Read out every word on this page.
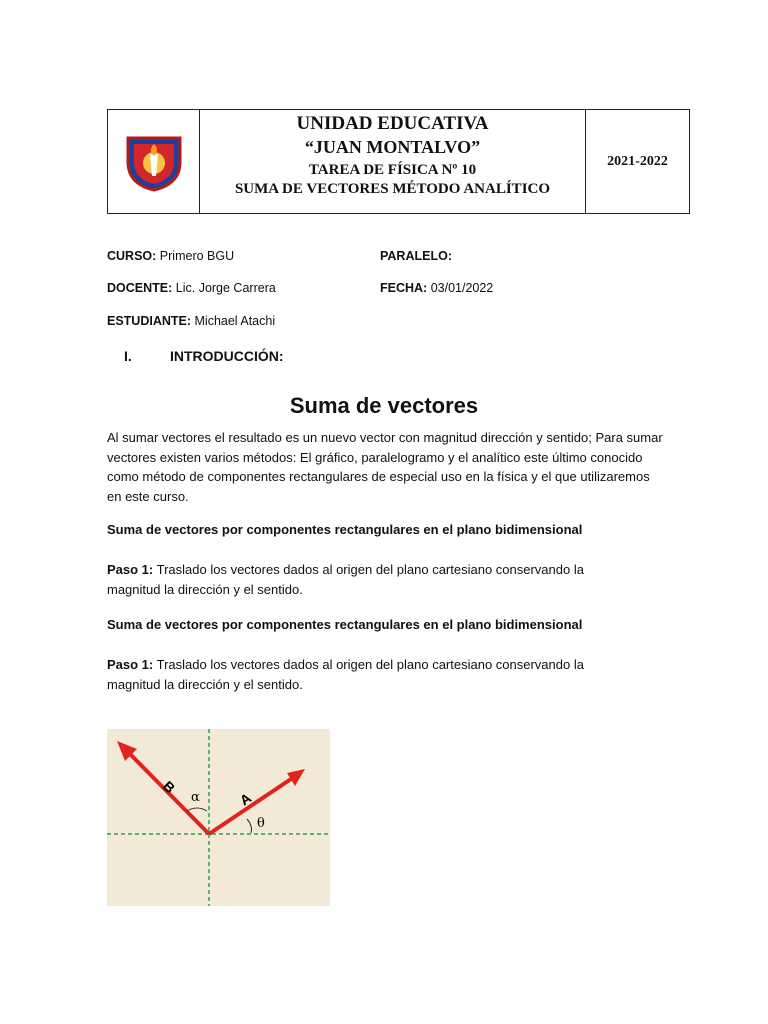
UNIDAD EDUCATIVA
“JUAN MONTALVO”
TAREA DE FÍSICA Nº 10
SUMA DE VECTORES MÉTODO ANALÍTICO
2021-2022
CURSO: Primero BGU	PARALELO:
DOCENTE: Lic. Jorge Carrera	FECHA: 03/01/2022
ESTUDIANTE: Michael Atachi
I.	INTRODUCCIÓN:
Suma de vectores
Al sumar vectores el resultado es un nuevo vector con magnitud dirección y sentido; Para sumar vectores existen varios métodos: El gráfico, paralelogramo y el analítico este último conocido como método de componentes rectangulares de especial uso en la física y el que utilizaremos en este curso.
Suma de vectores por componentes rectangulares en el plano bidimensional
Paso 1: Traslado los vectores dados al origen del plano cartesiano conservando la magnitud la dirección y el sentido.
Suma de vectores por componentes rectangulares en el plano bidimensional
Paso 1: Traslado los vectores dados al origen del plano cartesiano conservando la magnitud la dirección y el sentido.
B
A
α
θ
